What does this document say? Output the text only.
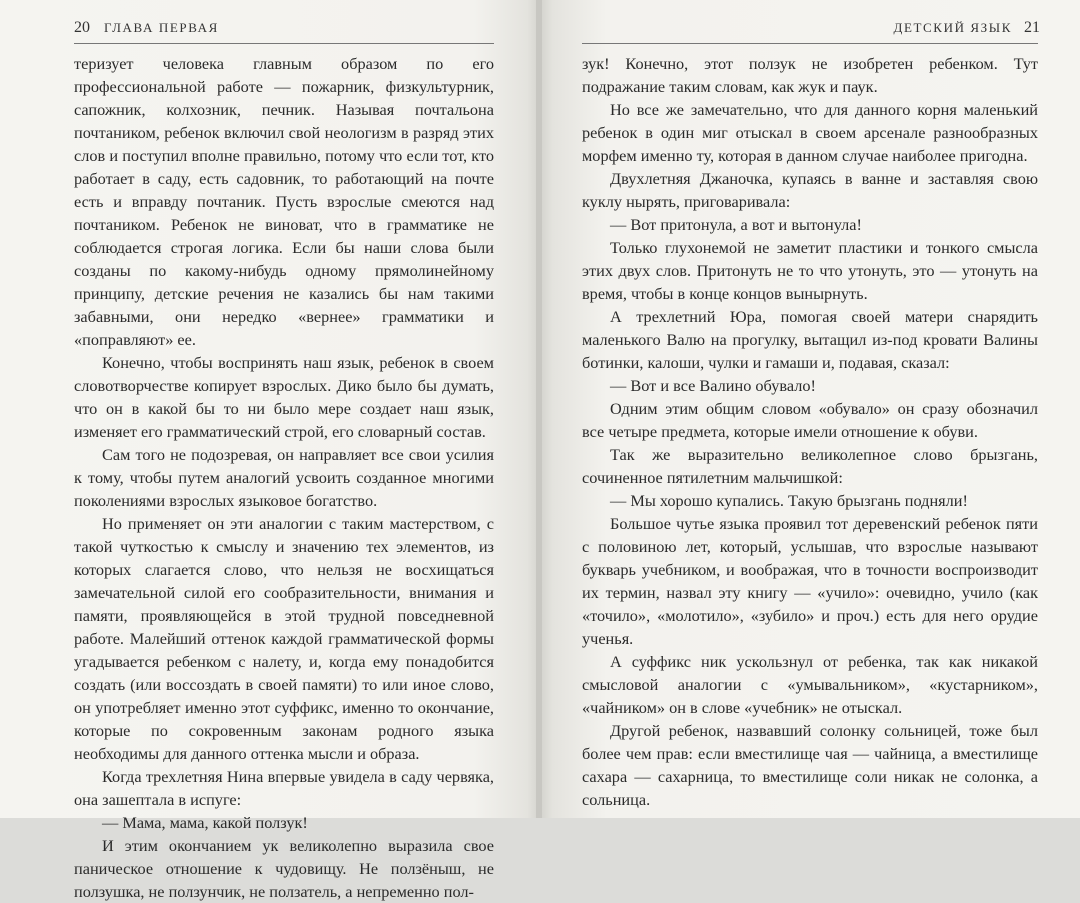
20 ГЛАВА ПЕРВАЯ

теризует человека главным образом по его профессиональной работе — пожарник, физкультурник, сапожник, колхозник, печник. Называя почтальона почтаником, ребенок включил свой неологизм в разряд этих слов и поступил вполне правильно, потому что если тот, кто работает в саду, есть садовник, то работающий на почте есть и вправду почтаник. Пусть взрослые смеются над почтаником. Ребенок не виноват, что в грамматике не соблюдается строгая логика. Если бы наши слова были созданы по какому-нибудь одному прямолинейному принципу, детские речения не казались бы нам такими забавными, они нередко «вернее» грамматики и «поправляют» ее.

Конечно, чтобы воспринять наш язык, ребенок в своем словотворчестве копирует взрослых. Дико было бы думать, что он в какой бы то ни было мере создает наш язык, изменяет его грамматический строй, его словарный состав.

Сам того не подозревая, он направляет все свои усилия к тому, чтобы путем аналогий усвоить созданное многими поколениями взрослых языковое богатство.

Но применяет он эти аналогии с таким мастерством, с такой чуткостью к смыслу и значению тех элементов, из которых слагается слово, что нельзя не восхищаться замечательной силой его сообразительности, внимания и памяти, проявляющейся в этой трудной повседневной работе. Малейший оттенок каждой грамматической формы угадывается ребенком с налету, и, когда ему понадобится создать (или воссоздать в своей памяти) то или иное слово, он употребляет именно этот суффикс, именно то окончание, которые по сокровенным законам родного языка необходимы для данного оттенка мысли и образа.

Когда трехлетняя Нина впервые увидела в саду червяка, она зашептала в испуге:

— Мама, мама, какой ползук!

И этим окончанием ук великолепно выразила свое паническое отношение к чудовищу. Не ползёныш, не ползушка, не ползунчик, не ползатель, а непременно пол-

ДЕТСКИЙ ЯЗЫК 21

зук! Конечно, этот ползук не изобретен ребенком. Тут подражание таким словам, как жук и паук.

Но все же замечательно, что для данного корня маленький ребенок в один миг отыскал в своем арсенале разнообразных морфем именно ту, которая в данном случае наиболее пригодна.

Двухлетняя Джаночка, купаясь в ванне и заставляя свою куклу нырять, приговаривала:

— Вот притонула, а вот и вытонула!

Только глухонемой не заметит пластики и тонкого смысла этих двух слов. Притонуть не то что утонуть, это — утонуть на время, чтобы в конце концов вынырнуть.

А трехлетний Юра, помогая своей матери снарядить маленького Валю на прогулку, вытащил из-под кровати Валины ботинки, калоши, чулки и гамаши и, подавая, сказал:

— Вот и все Валино обувало!

Одним этим общим словом «обувало» он сразу обозначил все четыре предмета, которые имели отношение к обуви.

Так же выразительно великолепное слово брызгань, сочиненное пятилетним мальчишкой:

— Мы хорошо купались. Такую брызгань подняли!

Большое чутье языка проявил тот деревенский ребенок пяти с половиною лет, который, услышав, что взрослые называют букварь учебником, и воображая, что в точности воспроизводит их термин, назвал эту книгу — «учило»: очевидно, учило (как «точило», «молотило», «зубило» и проч.) есть для него орудие ученья.

А суффикс ник ускользнул от ребенка, так как никакой смысловой аналогии с «умывальником», «кустарником», «чайником» он в слове «учебник» не отыскал.

Другой ребенок, назвавший солонку сольницей, тоже был более чем прав: если вместилище чая — чайница, а вместилище сахара — сахарница, то вместилище соли никак не солонка, а сольница.
